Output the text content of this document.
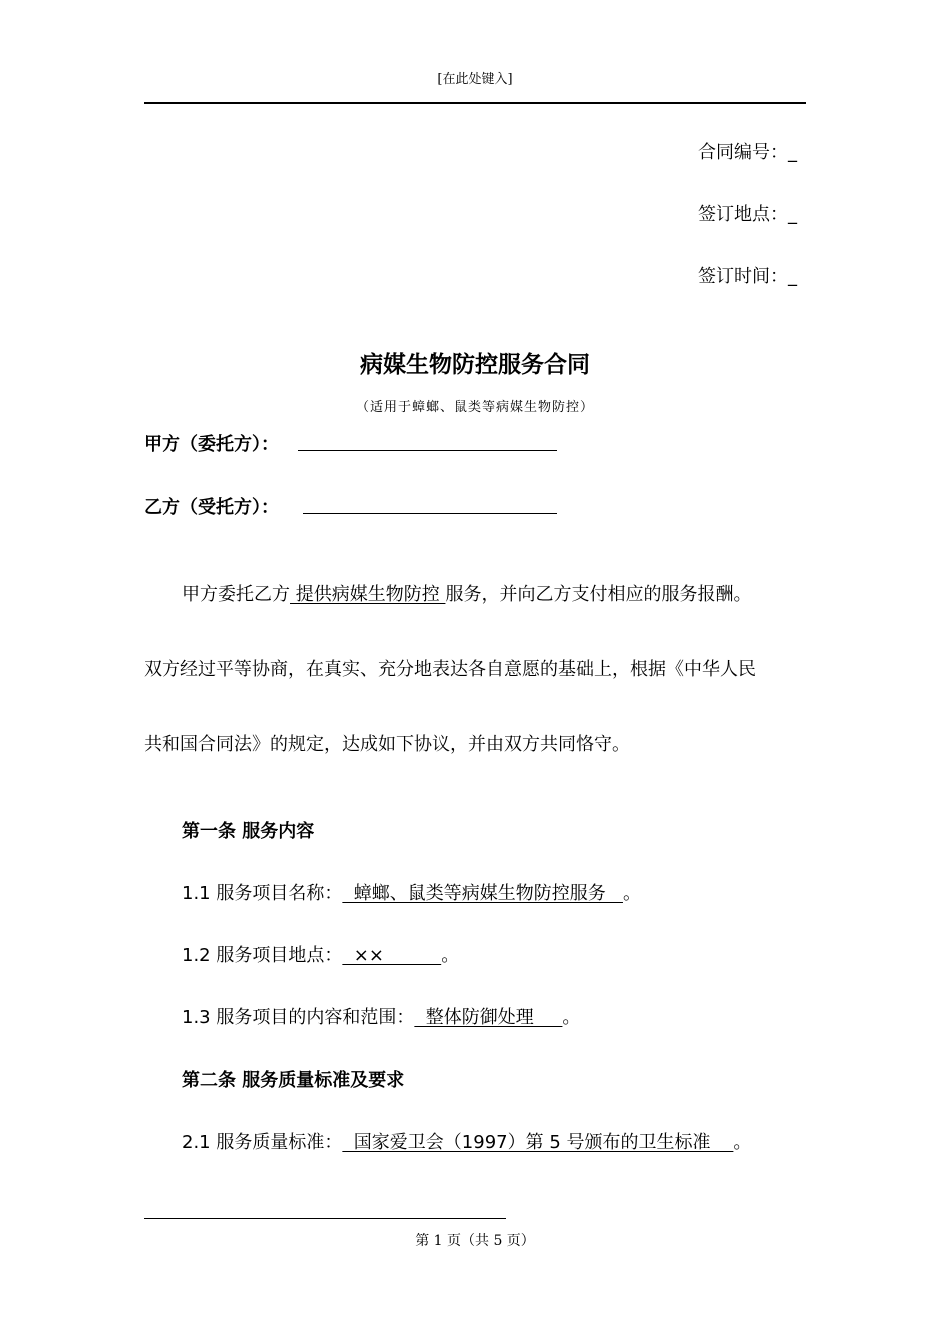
[在此处键入]
合同编号：_
签订地点：_
签订时间：_
病媒生物防控服务合同
（适用于蟑螂、鼠类等病媒生物防控）
甲方（委托方）：
乙方（受托方）：
甲方委托乙方 提供病媒生物防控 服务，并向乙方支付相应的服务报酬。
双方经过平等协商，在真实、充分地表达各自意愿的基础上，根据《中华人民
共和国合同法》的规定，达成如下协议，并由双方共同恪守。
第一条 服务内容
1.1 服务项目名称：  蟑螂、鼠类等病媒生物防控服务   。
1.2 服务项目地点：  ××          。
1.3 服务项目的内容和范围：  整体防御处理     。
第二条 服务质量标准及要求
2.1 服务质量标准：  国家爱卫会（1997）第 5 号颁布的卫生标准    。
第 1 页（共 5 页）
